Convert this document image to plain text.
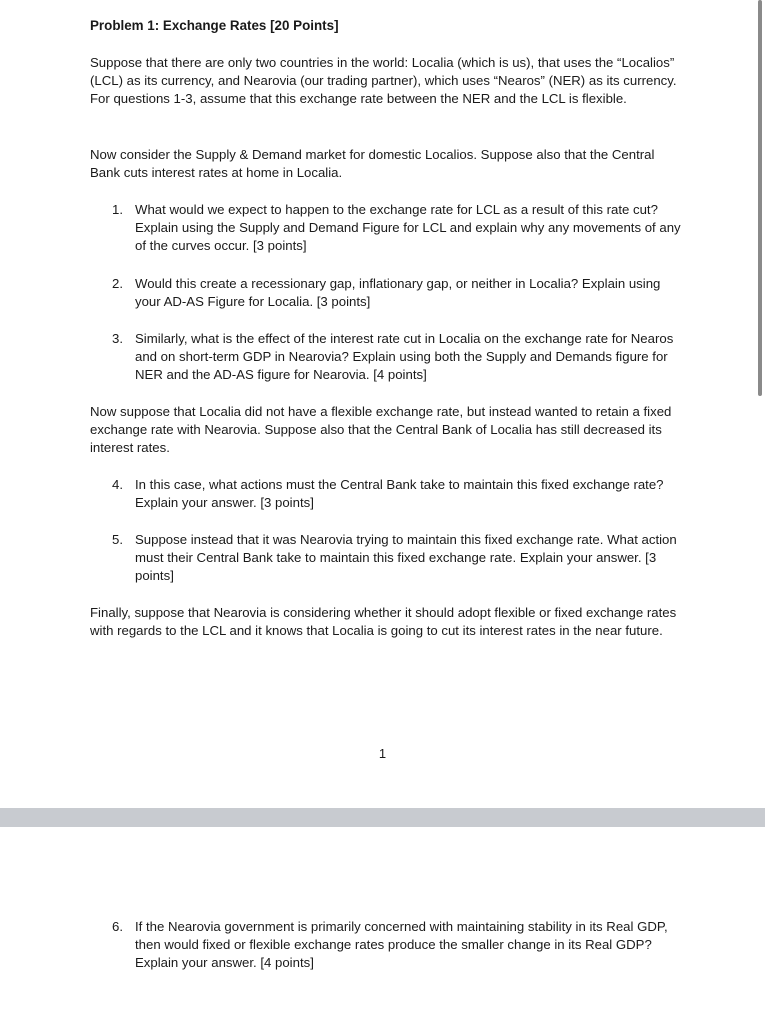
Problem 1: Exchange Rates [20 Points]

Suppose that there are only two countries in the world: Localia (which is us), that uses the “Localios” (LCL) as its currency, and Nearovia (our trading partner), which uses “Nearos” (NER) as its currency. For questions 1-3, assume that this exchange rate between the NER and the LCL is flexible.

Now consider the Supply & Demand market for domestic Localios. Suppose also that the Central Bank cuts interest rates at home in Localia.

1. What would we expect to happen to the exchange rate for LCL as a result of this rate cut? Explain using the Supply and Demand Figure for LCL and explain why any movements of any of the curves occur. [3 points]
2. Would this create a recessionary gap, inflationary gap, or neither in Localia? Explain using your AD-AS Figure for Localia. [3 points]
3. Similarly, what is the effect of the interest rate cut in Localia on the exchange rate for Nearos and on short-term GDP in Nearovia? Explain using both the Supply and Demands figure for NER and the AD-AS figure for Nearovia. [4 points]

Now suppose that Localia did not have a flexible exchange rate, but instead wanted to retain a fixed exchange rate with Nearovia. Suppose also that the Central Bank of Localia has still decreased its interest rates.

4. In this case, what actions must the Central Bank take to maintain this fixed exchange rate? Explain your answer. [3 points]
5. Suppose instead that it was Nearovia trying to maintain this fixed exchange rate. What action must their Central Bank take to maintain this fixed exchange rate. Explain your answer. [3 points]

Finally, suppose that Nearovia is considering whether it should adopt flexible or fixed exchange rates with regards to the LCL and it knows that Localia is going to cut its interest rates in the near future.

1
6. If the Nearovia government is primarily concerned with maintaining stability in its Real GDP, then would fixed or flexible exchange rates produce the smaller change in its Real GDP? Explain your answer. [4 points]
